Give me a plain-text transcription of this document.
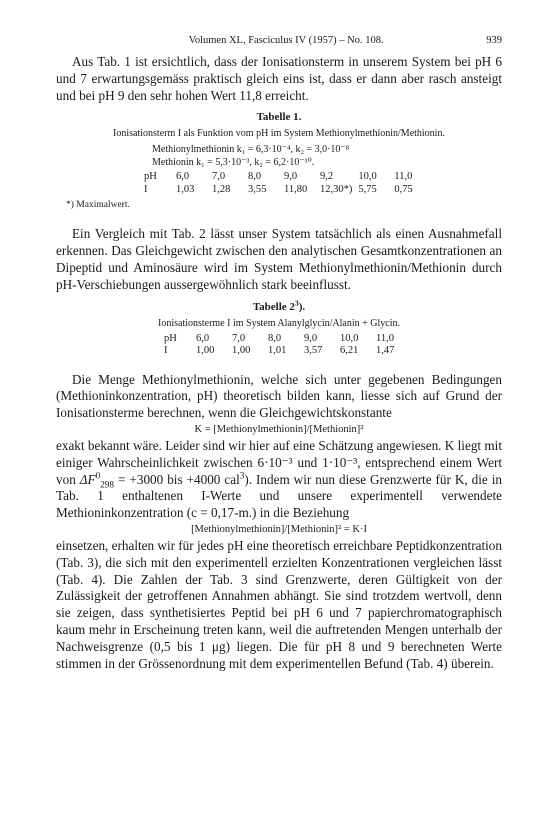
Volumen XL, Fasciculus IV (1957) – No. 108.	939

Aus Tab. 1 ist ersichtlich, dass der Ionisationsterm in unserem System bei pH 6 und 7 erwartungsgemäss praktisch gleich eins ist, dass er dann aber rasch ansteigt und bei pH 9 den sehr hohen Wert 11,8 erreicht.

Tabelle 1.
Ionisationsterm I als Funktion vom pH im System Methionylmethionin/Methionin.
Methionylmethionin k₁ = 6,3·10⁻⁴, k₂ = 3,0·10⁻⁸
Methionin k₁ = 5,3·10⁻³, k₂ = 6,2·10⁻¹⁰.
pH	6,0	7,0	8,0	9,0	9,2	10,0	11,0
I	1,03	1,28	3,55	11,80	12,30*)	5,75	0,75
*) Maximalwert.

Ein Vergleich mit Tab. 2 lässt unser System tatsächlich als einen Ausnahmefall erkennen. Das Gleichgewicht zwischen den analytischen Gesamtkonzentrationen an Dipeptid und Aminosäure wird im System Methionylmethionin/Methionin durch pH-Verschiebungen aussergewöhnlich stark beeinflusst.

Tabelle $2^3$).
Ionisationsterme I im System Alanylglycin/Alanin + Glycin.
pH	6,0	7,0	8,0	9,0	10,0	11,0
I	1,00	1,00	1,01	3,57	6,21	1,47

Die Menge Methionylmethionin, welche sich unter gegebenen Bedingungen (Methioninkonzentration, pH) theoretisch bilden kann, liesse sich auf Grund der Ionisationsterme berechnen, wenn die Gleichgewichtskonstante

K = [Methionylmethionin]/[Methionin]²

exakt bekannt wäre. Leider sind wir hier auf eine Schätzung angewiesen. K liegt mit einiger Wahrscheinlichkeit zwischen 6·10⁻³ und 1·10⁻³, entsprechend einem Wert von $\Delta F^0_{298} = +3000$ bis +4000 cal$^3$). Indem wir nun diese Grenzwerte für K, die in Tab. 1 enthaltenen I-Werte und unsere experimentell verwendete Methioninkonzentration (c = 0,17-m.) in die Beziehung

[Methionylmethionin]/[Methionin]² = K·I

einsetzen, erhalten wir für jedes pH eine theoretisch erreichbare Peptidkonzentration (Tab. 3), die sich mit den experimentell erzielten Konzentrationen vergleichen lässt (Tab. 4). Die Zahlen der Tab. 3 sind Grenzwerte, deren Gültigkeit von der Zulässigkeit der getroffenen Annahmen abhängt. Sie sind trotzdem wertvoll, denn sie zeigen, dass synthetisiertes Peptid bei pH 6 und 7 papierchromatographisch kaum mehr in Erscheinung treten kann, weil die auftretenden Mengen unterhalb der Nachweisgrenze (0,5 bis 1 μg) liegen. Die für pH 8 und 9 berechneten Werte stimmen in der Grössenordnung mit dem experimentellen Befund (Tab. 4) überein.
